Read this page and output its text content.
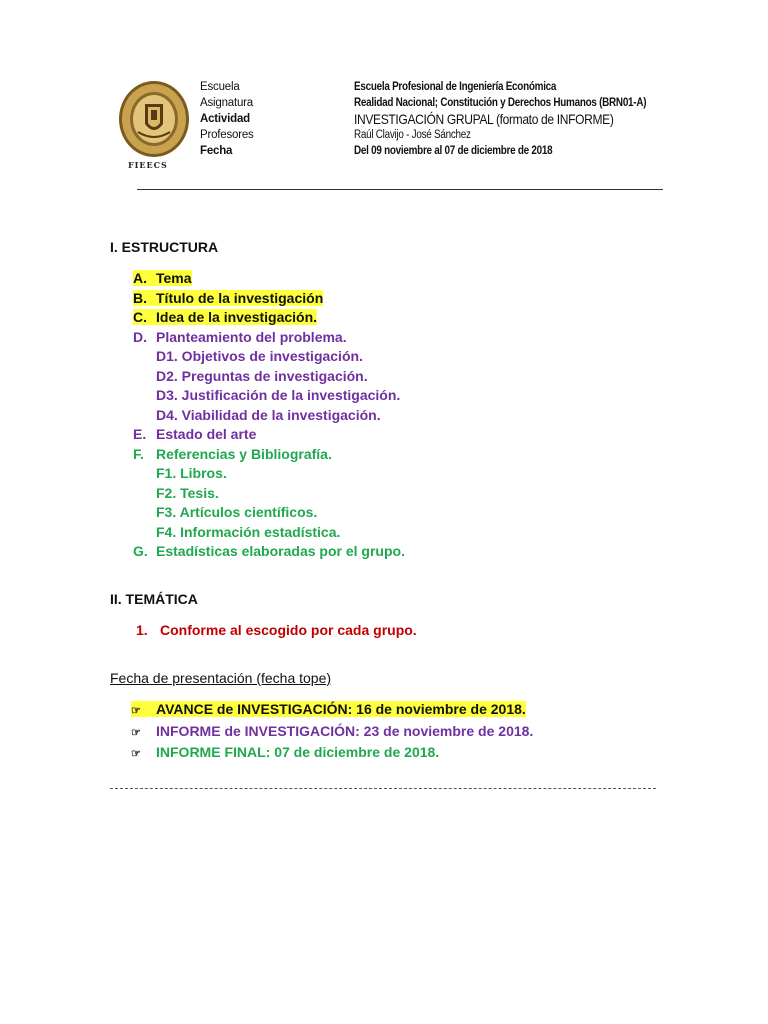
FIEECS
Escuela
Asignatura
Actividad
Profesores
Fecha
Escuela Profesional de Ingeniería Económica
Realidad Nacional; Constitución y Derechos Humanos (BRN01-A)
INVESTIGACIÓN GRUPAL (formato de INFORME)
Raúl Clavijo - José Sánchez
Del 09 noviembre al 07 de diciembre de 2018
I. ESTRUCTURA
A. Tema
B. Título de la investigación
C. Idea de la investigación.
D. Planteamiento del problema.
D1. Objetivos de investigación.
D2. Preguntas de investigación.
D3. Justificación de la investigación.
D4. Viabilidad de la investigación.
E. Estado del arte
F. Referencias y Bibliografía.
F1. Libros.
F2. Tesis.
F3. Artículos científicos.
F4. Información estadística.
G. Estadísticas elaboradas por el grupo.
II. TEMÁTICA
1. Conforme al escogido por cada grupo.
Fecha de presentación (fecha tope)
☞ AVANCE de INVESTIGACIÓN: 16 de noviembre de 2018.
☞ INFORME de INVESTIGACIÓN: 23 de noviembre de 2018.
☞ INFORME FINAL: 07 de diciembre de 2018.
